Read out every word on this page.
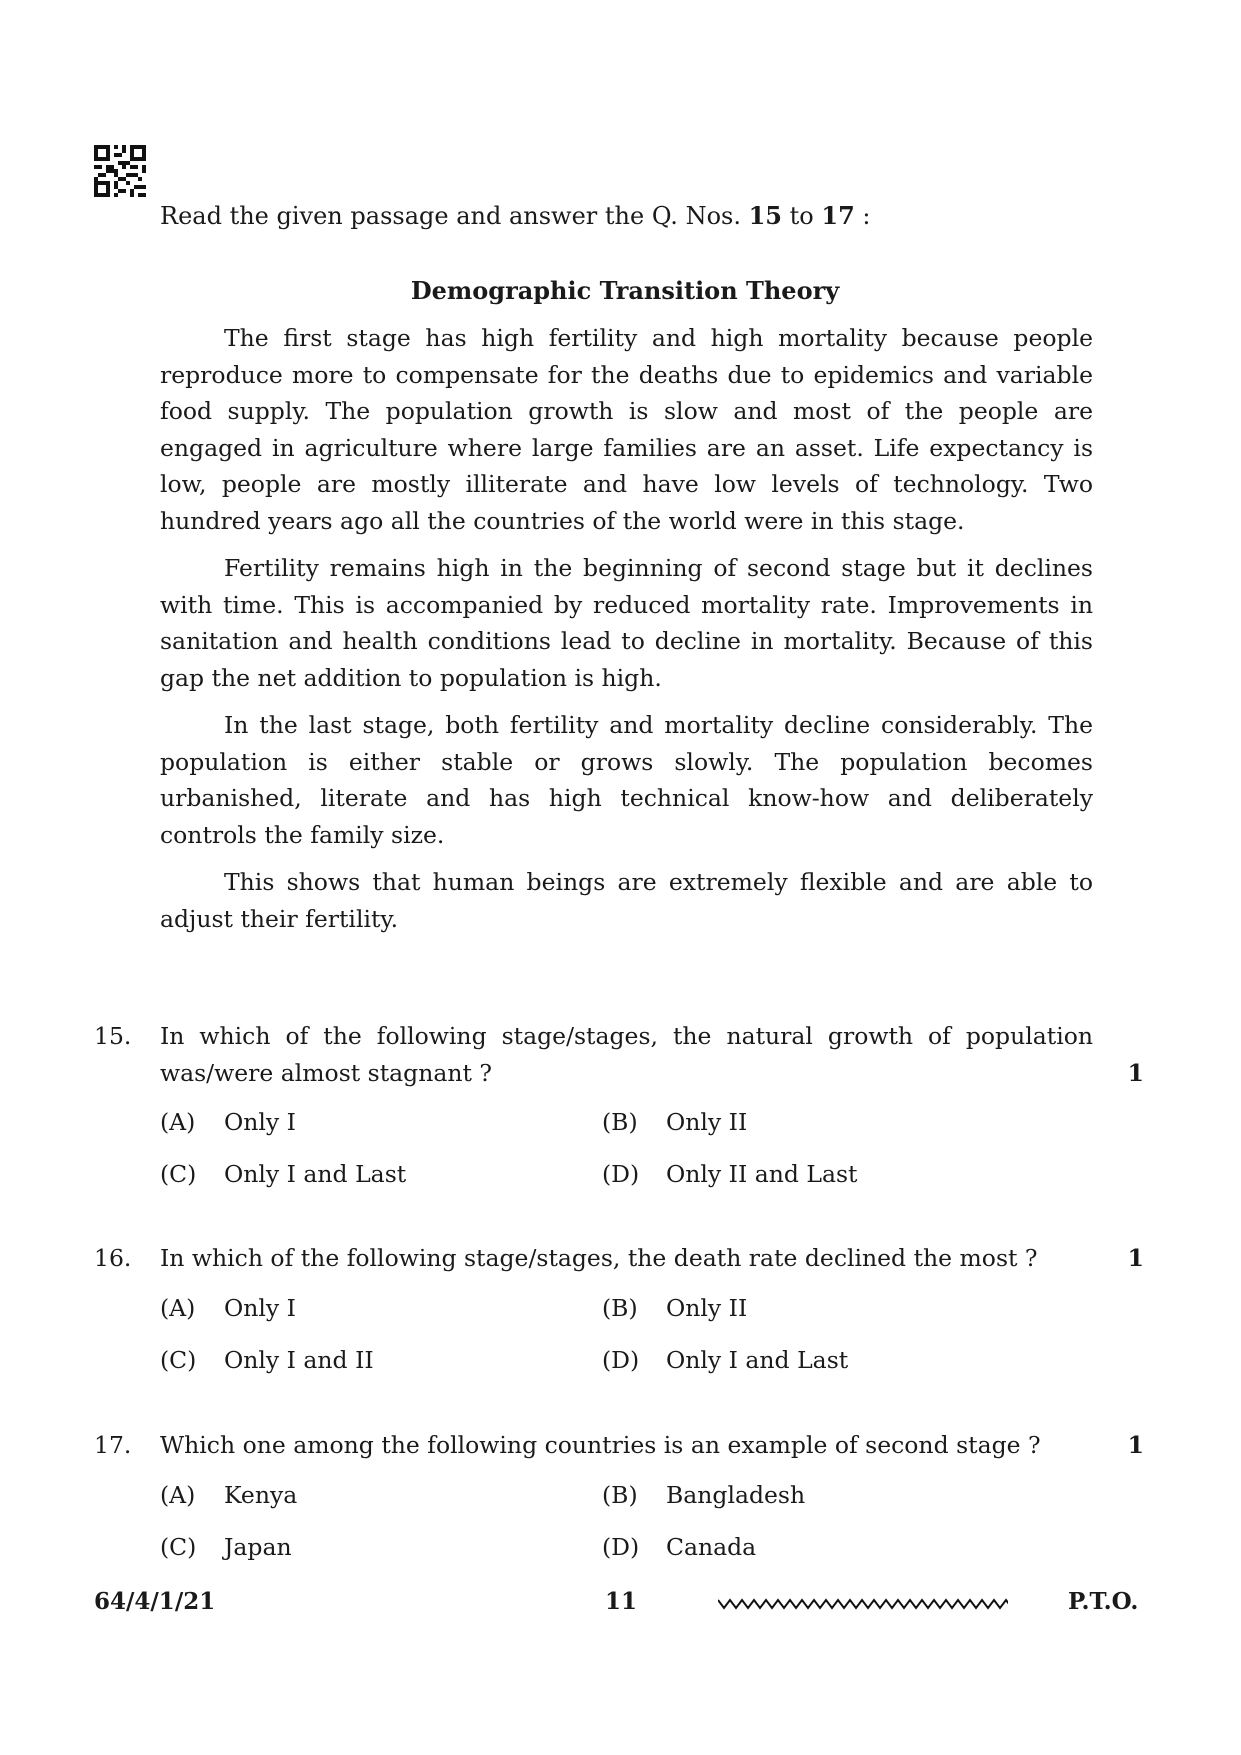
Read the given passage and answer the Q. Nos. 15 to 17 :
Demographic Transition Theory

The first stage has high fertility and high mortality because people reproduce more to compensate for the deaths due to epidemics and variable food supply. The population growth is slow and most of the people are engaged in agriculture where large families are an asset. Life expectancy is low, people are mostly illiterate and have low levels of technology. Two hundred years ago all the countries of the world were in this stage.

Fertility remains high in the beginning of second stage but it declines with time. This is accompanied by reduced mortality rate. Improvements in sanitation and health conditions lead to decline in mortality. Because of this gap the net addition to population is high.

In the last stage, both fertility and mortality decline considerably. The population is either stable or grows slowly. The population becomes urbanished, literate and has high technical know-how and deliberately controls the family size.

This shows that human beings are extremely flexible and are able to adjust their fertility.

15. In which of the following stage/stages, the natural growth of population was/were almost stagnant ?	1
(A) Only I	(B) Only II
(C) Only I and Last	(D) Only II and Last
16. In which of the following stage/stages, the death rate declined the most ?	1
(A) Only I	(B) Only II
(C) Only I and II	(D) Only I and Last
17. Which one among the following countries is an example of second stage ?	1
(A) Kenya	(B) Bangladesh
(C) Japan	(D) Canada
64/4/1/21	11	P.T.O.
